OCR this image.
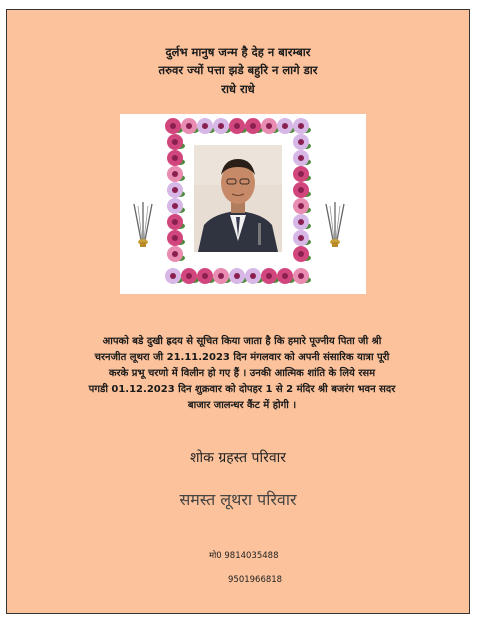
दुर्लभ मानुष जन्म है देह न बारम्बार
तरुवर ज्यों पत्ता झडे बहुरि न लागे डार
राधे राधे
आपको बडे दुखी ह्रदय से सूचित किया जाता है कि हमारे पूज्नीय पिता जी श्री
चरनजीत लूथरा जी 21.11.2023 दिन मंगलवार को अपनी संसारिक यात्रा पूरी
करके प्रभू चरणो में विलीन हो गए हैं । उनकी आत्मिक शांति के लिये रसम
पगडी 01.12.2023 दिन शुक्रवार को दोपहर 1 से 2 मंदिर श्री बजरंग भवन सदर
बाजार जालन्धर कैंट में होगी ।
शोक ग्रहस्त परिवार
समस्त लूथरा परिवार
मो0 9814035488
9501966818
